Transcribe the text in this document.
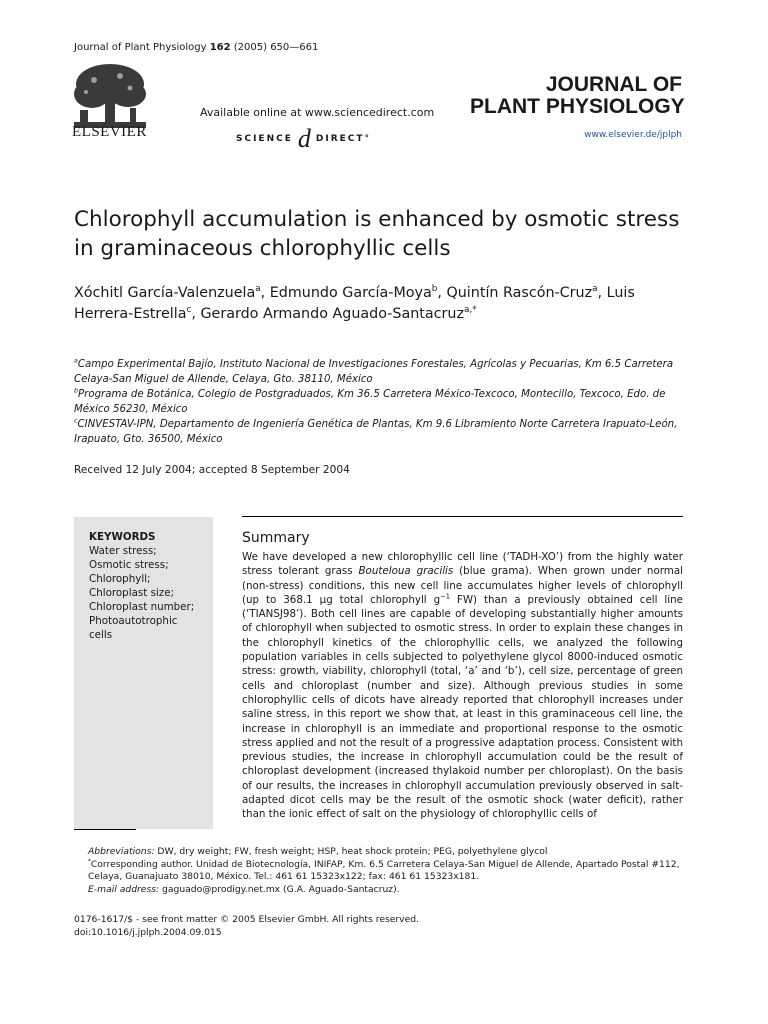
Journal of Plant Physiology 162 (2005) 650—661
ELSEVIER
Available online at www.sciencedirect.com
SCIENCE d DIRECT°
JOURNAL OF
PLANT PHYSIOLOGY
www.elsevier.de/jplph
Chlorophyll accumulation is enhanced by osmotic stress in graminaceous chlorophyllic cells
Xóchitl García-Valenzuela$^a$, Edmundo García-Moya$^b$, Quintín Rascón-Cruz$^a$, Luis Herrera-Estrella$^c$, Gerardo Armando Aguado-Santacruz$^{a,*}$
$^a$Campo Experimental Bajío, Instituto Nacional de Investigaciones Forestales, Agrícolas y Pecuarias, Km 6.5 Carretera Celaya-San Miguel de Allende, Celaya, Gto. 38110, México
$^b$Programa de Botánica, Colegio de Postgraduados, Km 36.5 Carretera México-Texcoco, Montecillo, Texcoco, Edo. de México 56230, México
$^c$CINVESTAV-IPN, Departamento de Ingeniería Genética de Plantas, Km 9.6 Libramiento Norte Carretera Irapuato-León, Irapuato, Gto. 36500, México
Received 12 July 2004; accepted 8 September 2004
KEYWORDS
Water stress;
Osmotic stress;
Chlorophyll;
Chloroplast size;
Chloroplast number;
Photoautotrophic
cells
Summary
We have developed a new chlorophyllic cell line (‘TADH-XO’) from the highly water stress tolerant grass Bouteloua gracilis (blue grama). When grown under normal (non-stress) conditions, this new cell line accumulates higher levels of chlorophyll (up to 368.1 μg total chlorophyll $g^{-1}$ FW) than a previously obtained cell line (‘TIANSJ98’). Both cell lines are capable of developing substantially higher amounts of chlorophyll when subjected to osmotic stress. In order to explain these changes in the chlorophyll kinetics of the chlorophyllic cells, we analyzed the following population variables in cells subjected to polyethylene glycol 8000-induced osmotic stress: growth, viability, chlorophyll (total, ‘a’ and ‘b’), cell size, percentage of green cells and chloroplast (number and size). Although previous studies in some chlorophyllic cells of dicots have already reported that chlorophyll increases under saline stress, in this report we show that, at least in this graminaceous cell line, the increase in chlorophyll is an immediate and proportional response to the osmotic stress applied and not the result of a progressive adaptation process. Consistent with previous studies, the increase in chlorophyll accumulation could be the result of chloroplast development (increased thylakoid number per chloroplast). On the basis of our results, the increases in chlorophyll accumulation previously observed in salt-adapted dicot cells may be the result of the osmotic shock (water deficit), rather than the ionic effect of salt on the physiology of chlorophyllic cells of
Abbreviations: DW, dry weight; FW, fresh weight; HSP, heat shock protein; PEG, polyethylene glycol
*Corresponding author. Unidad de Biotecnología, INIFAP, Km. 6.5 Carretera Celaya-San Miguel de Allende, Apartado Postal #112, Celaya, Guanajuato 38010, México. Tel.: 461 61 15323x122; fax: 461 61 15323x181.
E-mail address: gaguado@prodigy.net.mx (G.A. Aguado-Santacruz).
0176-1617/$ - see front matter © 2005 Elsevier GmbH. All rights reserved.
doi:10.1016/j.jplph.2004.09.015
